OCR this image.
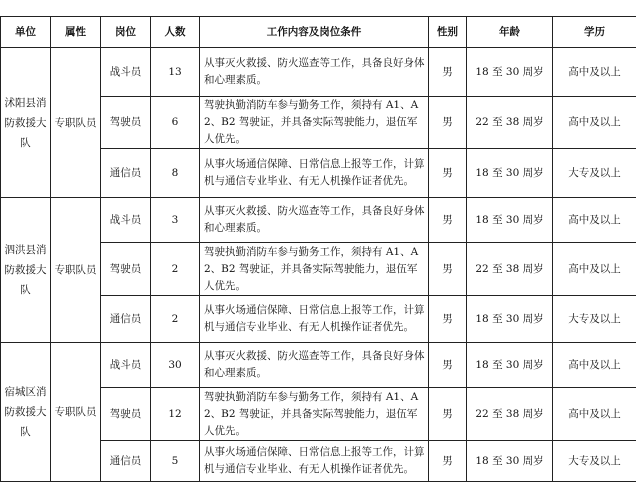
单位	属性	岗位	人数	工作内容及岗位条件	性别	年龄	学历
沭阳县消防救援大队	专职队员	战斗员	13	从事灭火救援、防火巡查等工作，具备良好身体和心理素质。	男	18 至 30 周岁	高中及以上
		驾驶员	6	驾驶执勤消防车参与勤务工作，须持有 A1、A2、B2 驾驶证，并具备实际驾驶能力，退伍军人优先。	男	22 至 38 周岁	高中及以上
		通信员	8	从事火场通信保障、日常信息上报等工作，计算机与通信专业毕业、有无人机操作证者优先。	男	18 至 30 周岁	大专及以上
泗洪县消防救援大队	专职队员	战斗员	3	从事灭火救援、防火巡查等工作，具备良好身体和心理素质。	男	18 至 30 周岁	高中及以上
		驾驶员	2	驾驶执勤消防车参与勤务工作，须持有 A1、A2、B2 驾驶证，并具备实际驾驶能力，退伍军人优先。	男	22 至 38 周岁	高中及以上
		通信员	2	从事火场通信保障、日常信息上报等工作，计算机与通信专业毕业、有无人机操作证者优先。	男	18 至 30 周岁	大专及以上
宿城区消防救援大队	专职队员	战斗员	30	从事灭火救援、防火巡查等工作，具备良好身体和心理素质。	男	18 至 30 周岁	高中及以上
		驾驶员	12	驾驶执勤消防车参与勤务工作，须持有 A1、A2、B2 驾驶证，并具备实际驾驶能力，退伍军人优先。	男	22 至 38 周岁	高中及以上
		通信员	5	从事火场通信保障、日常信息上报等工作，计算机与通信专业毕业、有无人机操作证者优先。	男	18 至 30 周岁	大专及以上
